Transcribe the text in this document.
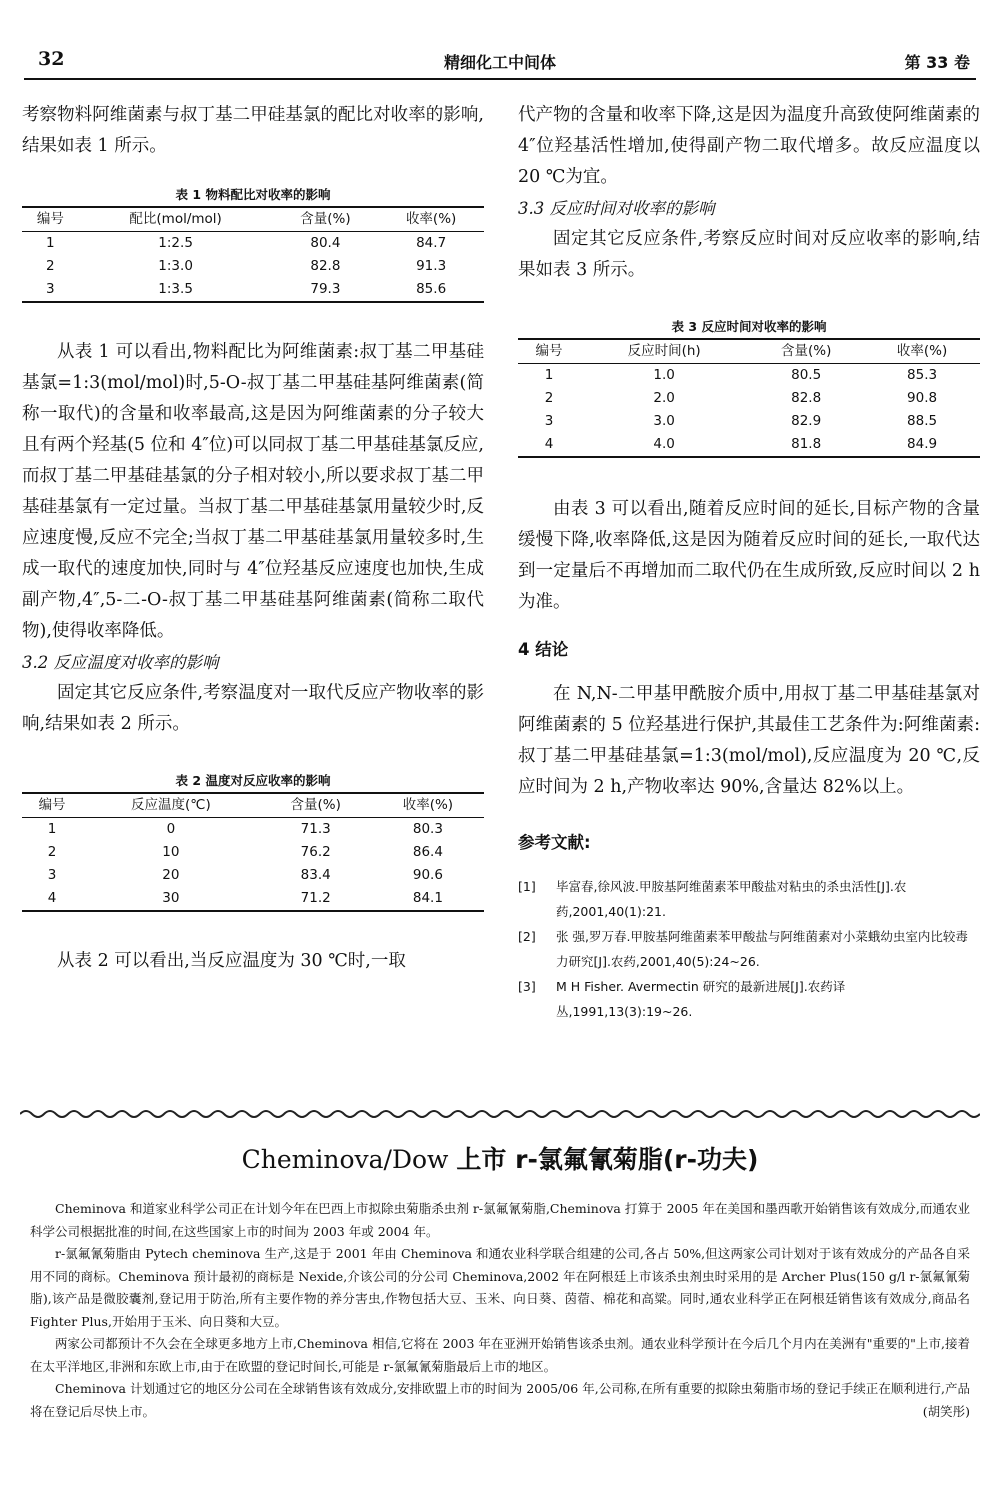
32	精细化工中间体	第 33 卷

考察物料阿维菌素与叔丁基二甲硅基氯的配比对收率的影响,结果如表 1 所示。

表 1 物料配比对收率的影响
编号	配比(mol/mol)	含量(%)	收率(%)
1	1:2.5	80.4	84.7
2	1:3.0	82.8	91.3
3	1:3.5	79.3	85.6

从表 1 可以看出,物料配比为阿维菌素:叔丁基二甲基硅基氯=1:3(mol/mol)时,5-O-叔丁基二甲基硅基阿维菌素(简称一取代)的含量和收率最高,这是因为阿维菌素的分子较大且有两个羟基(5 位和 4″位)可以同叔丁基二甲基硅基氯反应,而叔丁基二甲基硅基氯的分子相对较小,所以要求叔丁基二甲基硅基氯有一定过量。当叔丁基二甲基硅基氯用量较少时,反应速度慢,反应不完全;当叔丁基二甲基硅基氯用量较多时,生成一取代的速度加快,同时与 4″位羟基反应速度也加快,生成副产物,4″,5-二-O-叔丁基二甲基硅基阿维菌素(简称二取代物),使得收率降低。

3.2 反应温度对收率的影响

固定其它反应条件,考察温度对一取代反应产物收率的影响,结果如表 2 所示。

表 2 温度对反应收率的影响
编号	反应温度(℃)	含量(%)	收率(%)
1	0	71.3	80.3
2	10	76.2	86.4
3	20	83.4	90.6
4	30	71.2	84.1

从表 2 可以看出,当反应温度为 30 ℃时,一取

代产物的含量和收率下降,这是因为温度升高致使阿维菌素的 4″位羟基活性增加,使得副产物二取代增多。故反应温度以 20 ℃为宜。

3.3 反应时间对收率的影响

固定其它反应条件,考察反应时间对反应收率的影响,结果如表 3 所示。

表 3 反应时间对收率的影响
编号	反应时间(h)	含量(%)	收率(%)
1	1.0	80.5	85.3
2	2.0	82.8	90.8
3	3.0	82.9	88.5
4	4.0	81.8	84.9

由表 3 可以看出,随着反应时间的延长,目标产物的含量缓慢下降,收率降低,这是因为随着反应时间的延长,一取代达到一定量后不再增加而二取代仍在生成所致,反应时间以 2 h 为准。

4 结论

在 N,N-二甲基甲酰胺介质中,用叔丁基二甲基硅基氯对阿维菌素的 5 位羟基进行保护,其最佳工艺条件为:阿维菌素:叔丁基二甲基硅基氯=1:3(mol/mol),反应温度为 20 ℃,反应时间为 2 h,产物收率达 90%,含量达 82%以上。

参考文献:
[1]	毕富春,徐风波.甲胺基阿维菌素苯甲酸盐对粘虫的杀虫活性[J].农药,2001,40(1):21.
[2]	张 强,罗万春.甲胺基阿维菌素苯甲酸盐与阿维菌素对小菜蛾幼虫室内比较毒力研究[J].农药,2001,40(5):24~26.
[3]	M H Fisher. Avermectin 研究的最新进展[J].农药译丛,1991,13(3):19~26.
Cheminova/Dow 上市 r-氯氟氰菊脂(r-功夫)

Cheminova 和道家业科学公司正在计划今年在巴西上市拟除虫菊脂杀虫剂 r-氯氟氰菊脂,Cheminova 打算于 2005 年在美国和墨西歌开始销售该有效成分,而通农业科学公司根据批准的时间,在这些国家上市的时间为 2003 年或 2004 年。

r-氯氟氰菊脂由 Pytech cheminova 生产,这是于 2001 年由 Cheminova 和通农业科学联合组建的公司,各占 50%,但这两家公司计划对于该有效成分的产品各自采用不同的商标。Cheminova 预计最初的商标是 Nexide,介该公司的分公司 Cheminova,2002 年在阿根廷上市该杀虫剂虫时采用的是 Archer Plus(150 g/l r-氯氟氰菊脂),该产品是微胶囊剂,登记用于防治,所有主要作物的养分害虫,作物包括大豆、玉米、向日葵、茵蓿、棉花和高粱。同时,通农业科学正在阿根廷销售该有效成分,商品名 Fighter Plus,开始用于玉米、向日葵和大豆。

两家公司都预计不久会在全球更多地方上市,Cheminova 相信,它将在 2003 年在亚洲开始销售该杀虫剂。通农业科学预计在今后几个月内在美洲有"重要的"上市,接着在太平洋地区,非洲和东欧上市,由于在欧盟的登记时间长,可能是 r-氯氟氰菊脂最后上市的地区。

Cheminova 计划通过它的地区分公司在全球销售该有效成分,安排欧盟上市的时间为 2005/06 年,公司称,在所有重要的拟除虫菊脂市场的登记手续正在顺利进行,产品将在登记后尽快上市。	(胡笑彤)
